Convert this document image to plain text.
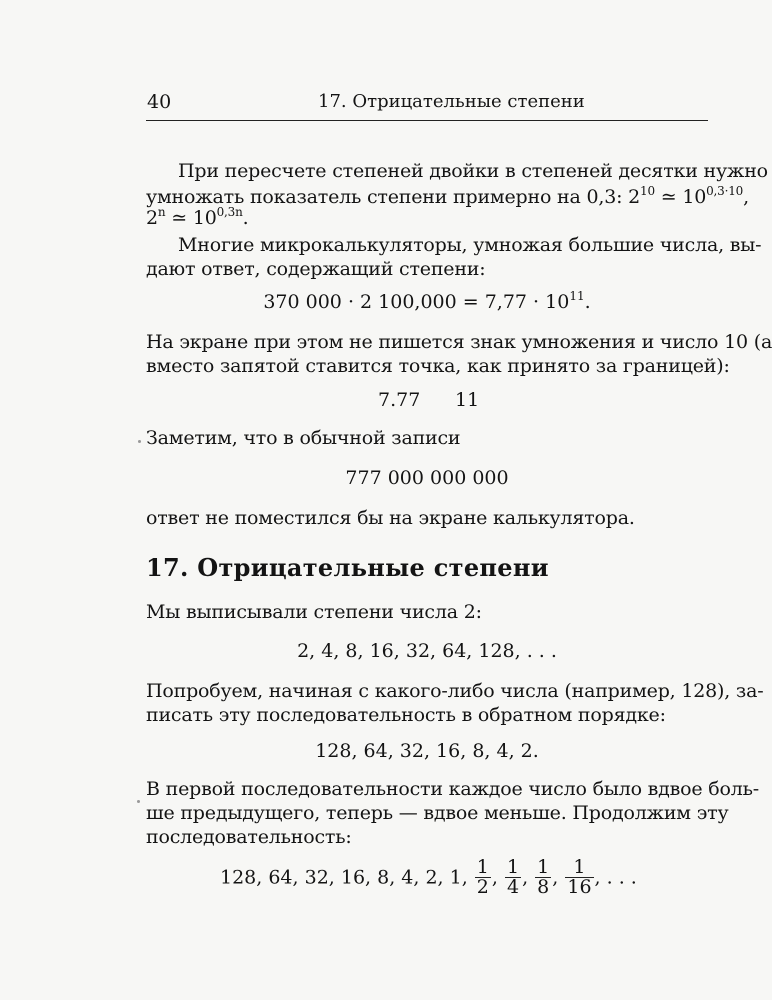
40	17. Отрицательные степени
При пересчете степеней двойки в степеней десятки нужно
умножать показатель степени примерно на 0,3: $2^{10}$ ≃ $10^{0,3\cdot 10}$,
2$^n$ ≃ $10^{0,3n}$.
Многие микрокалькуляторы, умножая большие числа, вы-
дают ответ, содержащий степени:
370 000 · 2 $100,000 = 7,77 \cdot 10^{11}$.
На экране при этом не пишется знак умножения и число 10 (а
вместо запятой ставится точка, как принято за границей):
7.77 11
Заметим, что в обычной записи
777 000 000 000
ответ не поместился бы на экране калькулятора.
17. Отрицательные степени
Мы выписывали степени числа 2:
2, 4, 8, 16, 32, 64, 128, . . .
Попробуем, начиная с какого-либо числа (например, 128), за-
писать эту последовательность в обратном порядке:
128, 64, 32, 16, 8, 4, 2.
В первой последовательности каждое число было вдвое боль-
ше предыдущего, теперь — вдвое меньше. Продолжим эту
последовательность:
128, 64, 32, 16, 8, 4, 2, 1, $\frac{1}{2}$ , $\frac{1}{4}$ , $\frac{1}{8}$ , $\frac{1}{16}$ , . . .
